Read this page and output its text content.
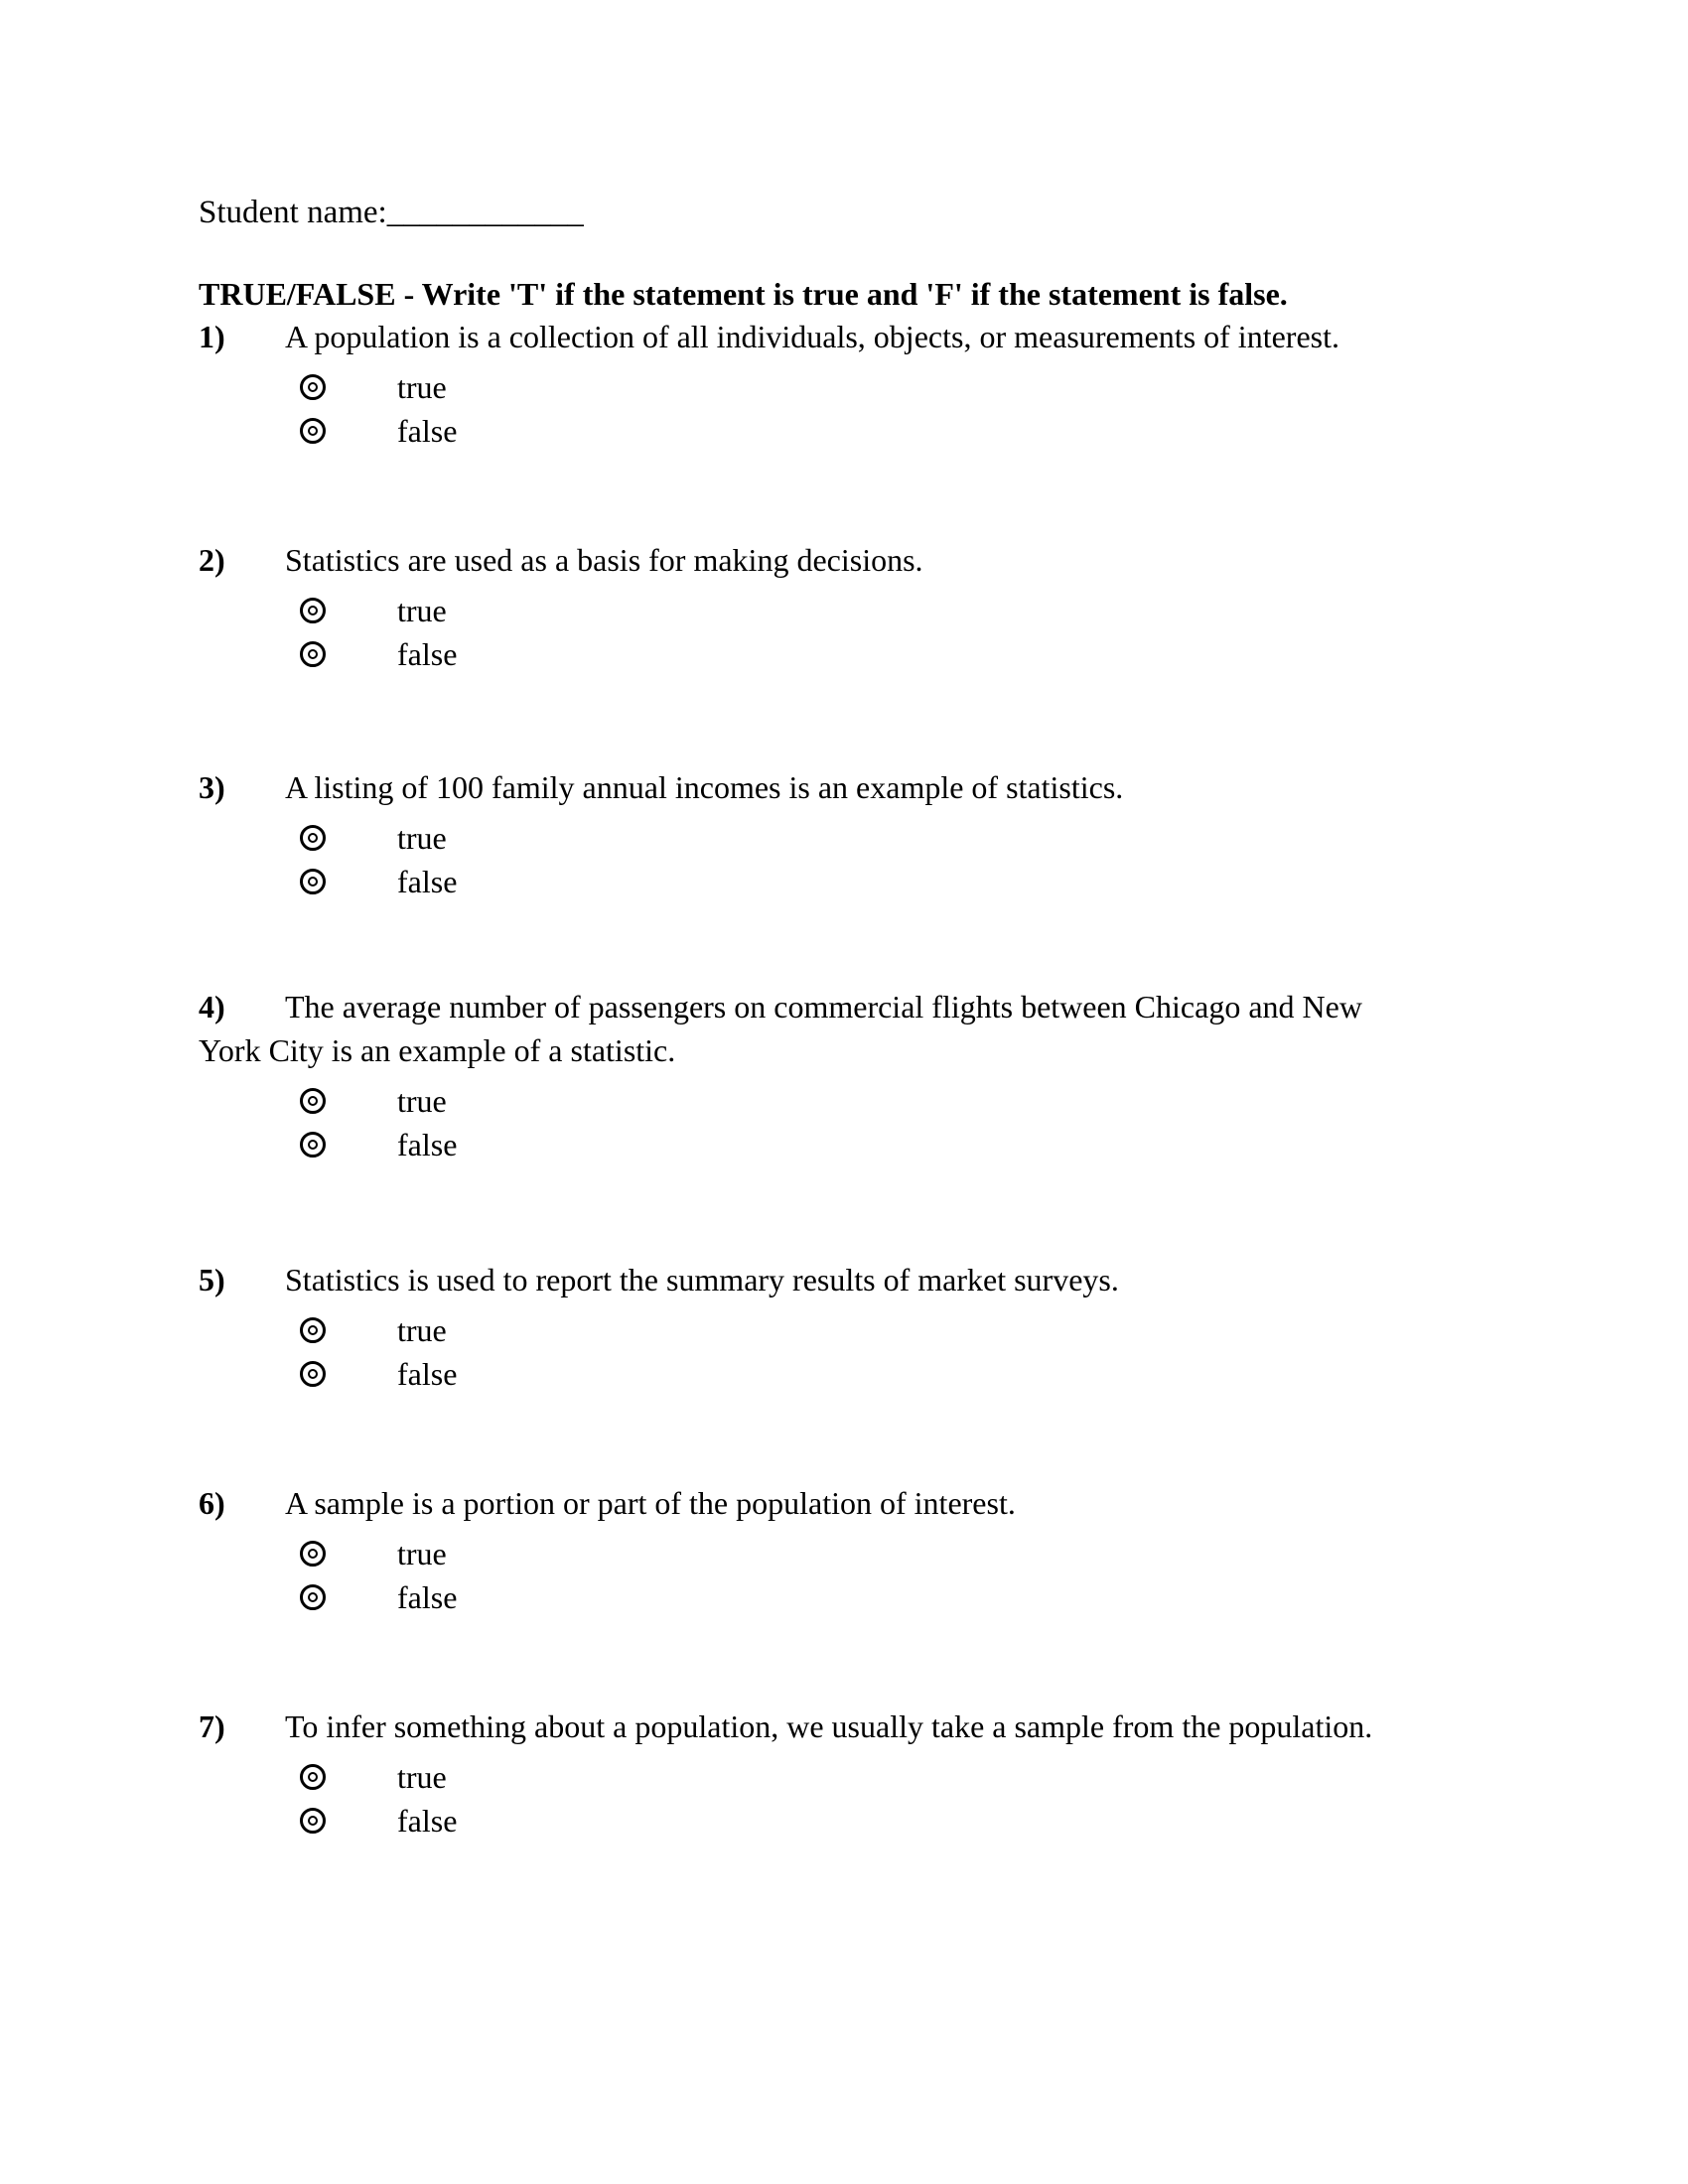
Student name:____________
TRUE/FALSE - Write 'T' if the statement is true and 'F' if the statement is false.
1) A population is a collection of all individuals, objects, or measurements of interest.
true
false
2) Statistics are used as a basis for making decisions.
true
false
3) A listing of 100 family annual incomes is an example of statistics.
true
false
4) The average number of passengers on commercial flights between Chicago and New
York City is an example of a statistic.
true
false
5) Statistics is used to report the summary results of market surveys.
true
false
6) A sample is a portion or part of the population of interest.
true
false
7) To infer something about a population, we usually take a sample from the population.
true
false
